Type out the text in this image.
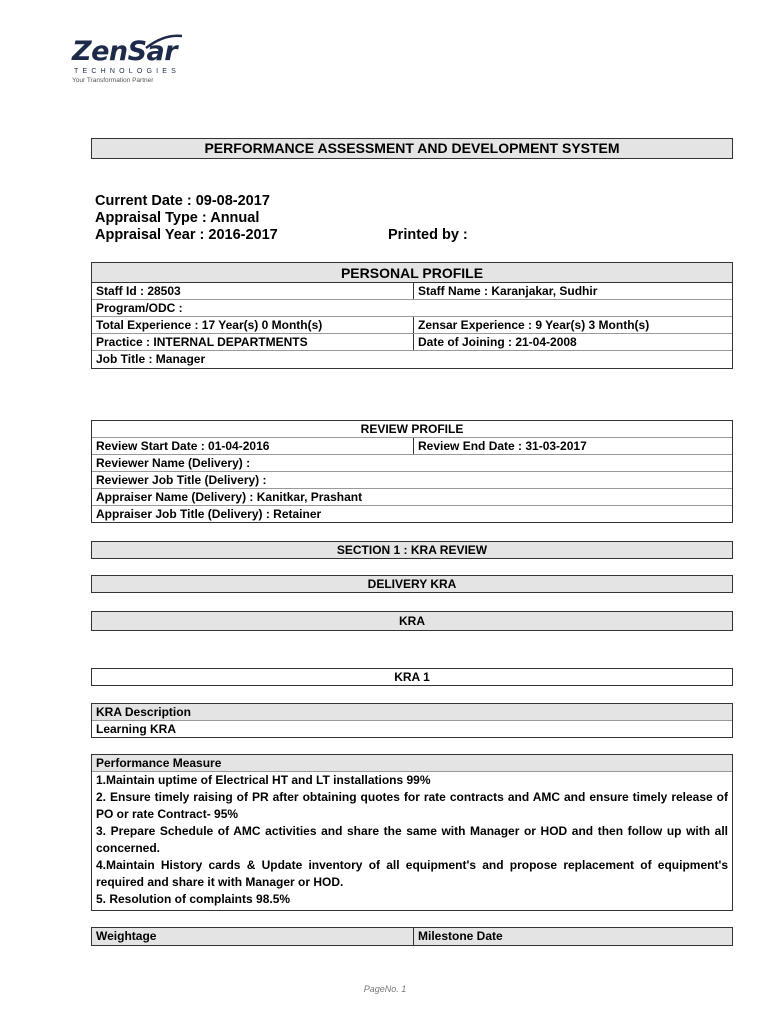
ZenSar
TECHNOLOGIES
Your Transformation Partner
PERFORMANCE ASSESSMENT AND DEVELOPMENT SYSTEM
Current Date : 09-08-2017
Appraisal Type : Annual
Appraisal Year : 2016-2017	Printed by :
PERSONAL PROFILE
Staff Id : 28503	Staff Name : Karanjakar, Sudhir
Program/ODC :
Total Experience : 17 Year(s) 0 Month(s)	Zensar Experience : 9 Year(s) 3 Month(s)
Practice : INTERNAL DEPARTMENTS	Date of Joining : 21-04-2008
Job Title : Manager
REVIEW PROFILE
Review Start Date : 01-04-2016	Review End Date : 31-03-2017
Reviewer Name (Delivery) :
Reviewer Job Title (Delivery) :
Appraiser Name (Delivery) : Kanitkar, Prashant
Appraiser Job Title (Delivery) : Retainer
SECTION 1 : KRA REVIEW
DELIVERY KRA
KRA
KRA 1
KRA Description
Learning KRA
Performance Measure
1.Maintain uptime of Electrical HT and LT installations 99%
2. Ensure timely raising of PR after obtaining quotes for rate contracts and AMC and ensure timely release of PO or rate Contract- 95%
3. Prepare Schedule of AMC activities and share the same with Manager or HOD and then follow up with all concerned.
4.Maintain History cards & Update inventory of all equipment's and propose replacement of equipment's required and share it with Manager or HOD.
5. Resolution of complaints 98.5%
Weightage	Milestone Date
PageNo. 1
